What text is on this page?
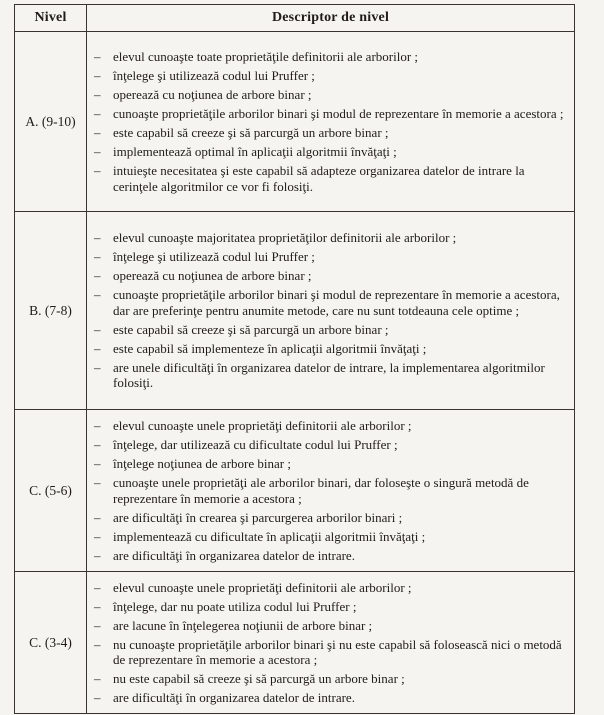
Nivel	Descriptor de nivel
A. (9-10)	
– elevul cunoaşte toate proprietăţile definitorii ale arborilor ;
– înţelege şi utilizează codul lui Pruffer ;
– operează cu noţiunea de arbore binar ;
– cunoaşte proprietăţile arborilor binari şi modul de reprezentare în memorie a acestora ;
– este capabil să creeze şi să parcurgă un arbore binar ;
– implementează optimal în aplicaţii algoritmii învăţaţi ;
– intuieşte necesitatea şi este capabil să adapteze organizarea datelor de intrare la cerinţele algoritmilor ce vor fi folosiţi.

B. (7-8)	
– elevul cunoaşte majoritatea proprietăţilor definitorii ale arborilor ;
– înţelege şi utilizează codul lui Pruffer ;
– operează cu noţiunea de arbore binar ;
– cunoaşte proprietăţile arborilor binari şi modul de reprezentare în memorie a acestora, dar are preferinţe pentru anumite metode, care nu sunt totdeauna cele optime ;
– este capabil să creeze şi să parcurgă un arbore binar ;
– este capabil să implementeze în aplicaţii algoritmii învăţaţi ;
– are unele dificultăţi în organizarea datelor de intrare, la implementarea algoritmilor folosiţi.

C. (5-6)	
– elevul cunoaşte unele proprietăţi definitorii ale arborilor ;
– înţelege, dar utilizează cu dificultate codul lui Pruffer ;
– înţelege noţiunea de arbore binar ;
– cunoaşte unele proprietăţi ale arborilor binari, dar foloseşte o singură metodă de reprezentare în memorie a acestora ;
– are dificultăţi în crearea şi parcurgerea arborilor binari ;
– implementează cu dificultate în aplicaţii algoritmii învăţaţi ;
– are dificultăţi în organizarea datelor de intrare.

C. (3-4)	
– elevul cunoaşte unele proprietăţi definitorii ale arborilor ;
– înţelege, dar nu poate utiliza codul lui Pruffer ;
– are lacune în înţelegerea noţiunii de arbore binar ;
– nu cunoaşte proprietăţile arborilor binari şi nu este capabil să folosească nici o metodă de reprezentare în memorie a acestora ;
– nu este capabil să creeze şi să parcurgă un arbore binar ;
– are dificultăţi în organizarea datelor de intrare.
